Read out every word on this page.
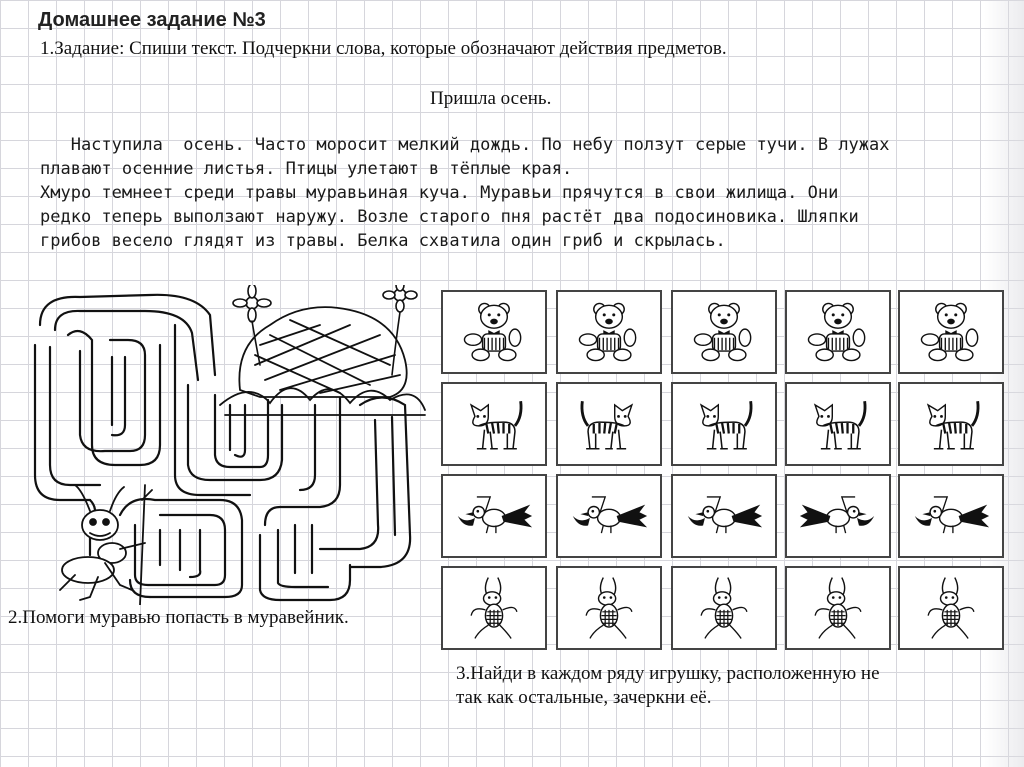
Домашнее задание №3
1.Задание: Спиши текст. Подчеркни слова, которые обозначают действия предметов.
Пришла осень.
Наступила  осень. Часто моросит мелкий дождь. По небу ползут серые тучи. В лужах
плавают осенние листья. Птицы улетают в тёплые края.
Хмуро темнеет среди травы муравьиная куча. Муравьи прячутся в свои жилища. Они
редко теперь выползают наружу. Возле старого пня растёт два подосиновика. Шляпки
грибов весело глядят из травы. Белка схватила один гриб и скрылась.
2.Помоги муравью попасть в муравейник.
3.Найди в каждом ряду игрушку, расположенную не
так как остальные, зачеркни её.
